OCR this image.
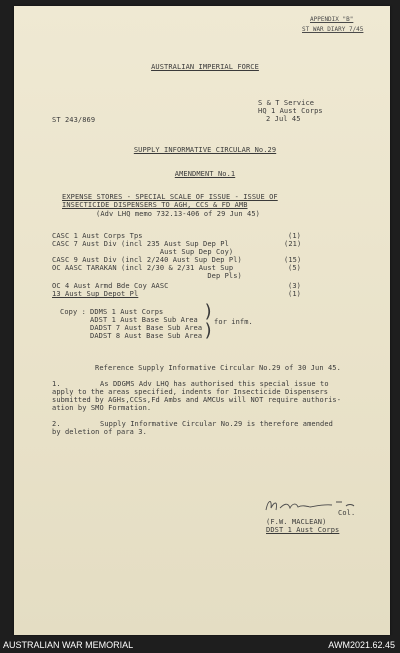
APPENDIX "B"
ST WAR DIARY 7/45
AUSTRALIAN IMPERIAL FORCE
S & T Service
HQ 1 Aust Corps
ST 243/869	2 Jul 45
SUPPLY INFORMATIVE CIRCULAR No.29
AMENDMENT No.1
EXPENSE STORES - SPECIAL SCALE OF ISSUE - ISSUE OF
INSECTICIDE DISPENSERS TO AGH, CCS & FD AMB
(Adv LHQ memo 732.13-406 of 29 Jun 45)
CASC 1 Aust Corps Tps	(1)
CASC 7 Aust Div (incl 235 Aust Sup Dep Pl	(21)
Aust Sup Dep Coy)
CASC 9 Aust Div (incl 2/240 Aust Sup Dep Pl)	(15)
OC AASC TARAKAN (incl 2/30 & 2/31 Aust Sup	(5)
Dep Pls)
OC 4 Aust Armd Bde Coy AASC	(3)
13 Aust Sup Depot Pl	(1)
Copy : DDMS 1 Aust Corps
ADST 1 Aust Base Sub Area
DADST 7 Aust Base Sub Area
DADST 8 Aust Base Sub Area
)
) for infm.
Reference Supply Informative Circular No.29 of 30 Jun 45.
1.	As DDGMS Adv LHQ has authorised this special issue to
apply to the areas specified, indents for Insecticide Dispensers
submitted by AGHs,CCSs,Fd Ambs and AMCUs will NOT require authoris-
ation by SMO Formation.
2.	Supply Informative Circular No.29 is therefore amended
by deletion of para 3.
Col.
(F.W. MACLEAN)
DDST 1 Aust Corps
AUSTRALIAN WAR MEMORIAL	AWM2021.62.45
